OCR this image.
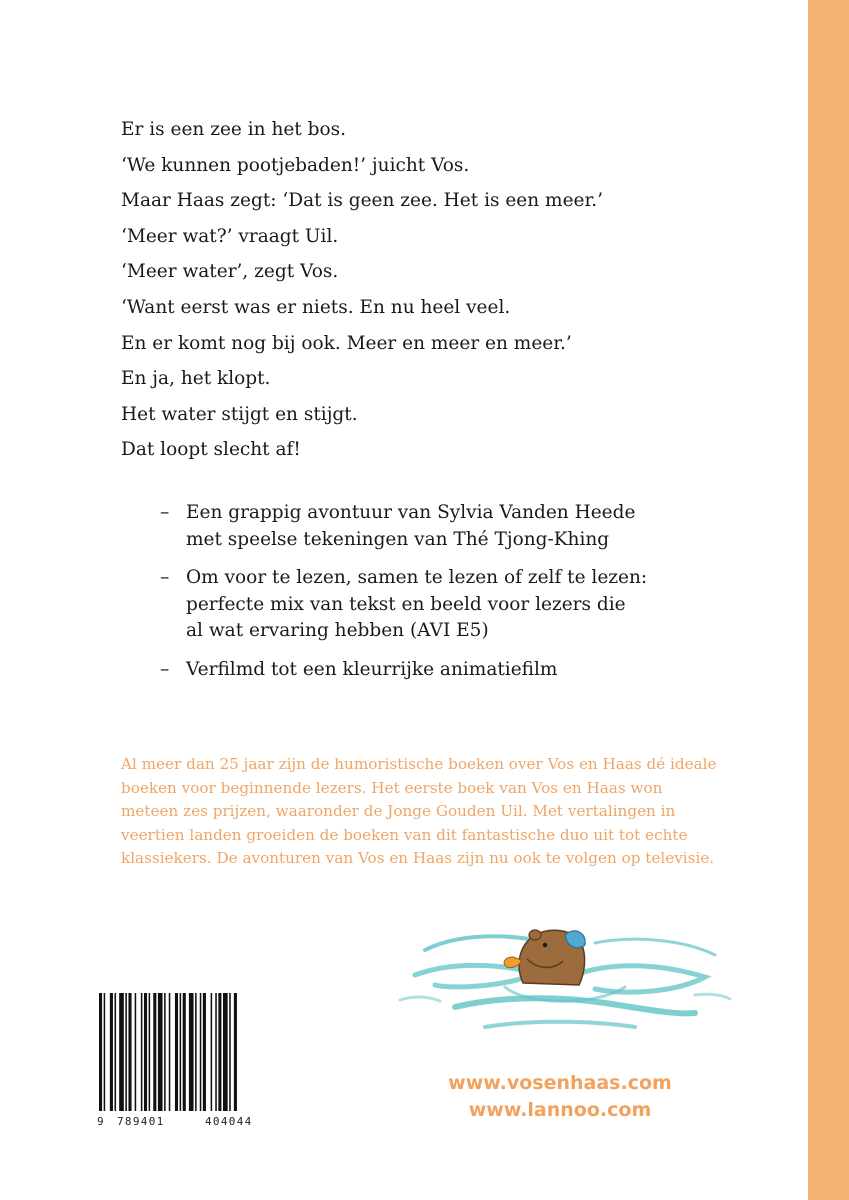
Er is een zee in het bos.
‘We kunnen pootjebaden!’ juicht Vos.
Maar Haas zegt: ‘Dat is geen zee. Het is een meer.’
‘Meer wat?’ vraagt Uil.
‘Meer water’, zegt Vos.
‘Want eerst was er niets. En nu heel veel.
En er komt nog bij ook. Meer en meer en meer.’
En ja, het klopt.
Het water stijgt en stijgt.
Dat loopt slecht af!
– Een grappig avontuur van Sylvia Vanden Heede
met speelse tekeningen van Thé Tjong-Khing
– Om voor te lezen, samen te lezen of zelf te lezen:
perfecte mix van tekst en beeld voor lezers die
al wat ervaring hebben (AVI E5)
– Verfilmd tot een kleurrijke animatiefilm

Al meer dan 25 jaar zijn de humoristische boeken over Vos en Haas dé ideale
boeken voor beginnende lezers. Het eerste boek van Vos en Haas won
meteen zes prijzen, waaronder de Jonge Gouden Uil. Met vertalingen in
veertien landen groeiden de boeken van dit fantastische duo uit tot echte
klassiekers. De avonturen van Vos en Haas zijn nu ook te volgen op televisie.

9 789401	404044
www.vosenhaas.com
www.lannoo.com
